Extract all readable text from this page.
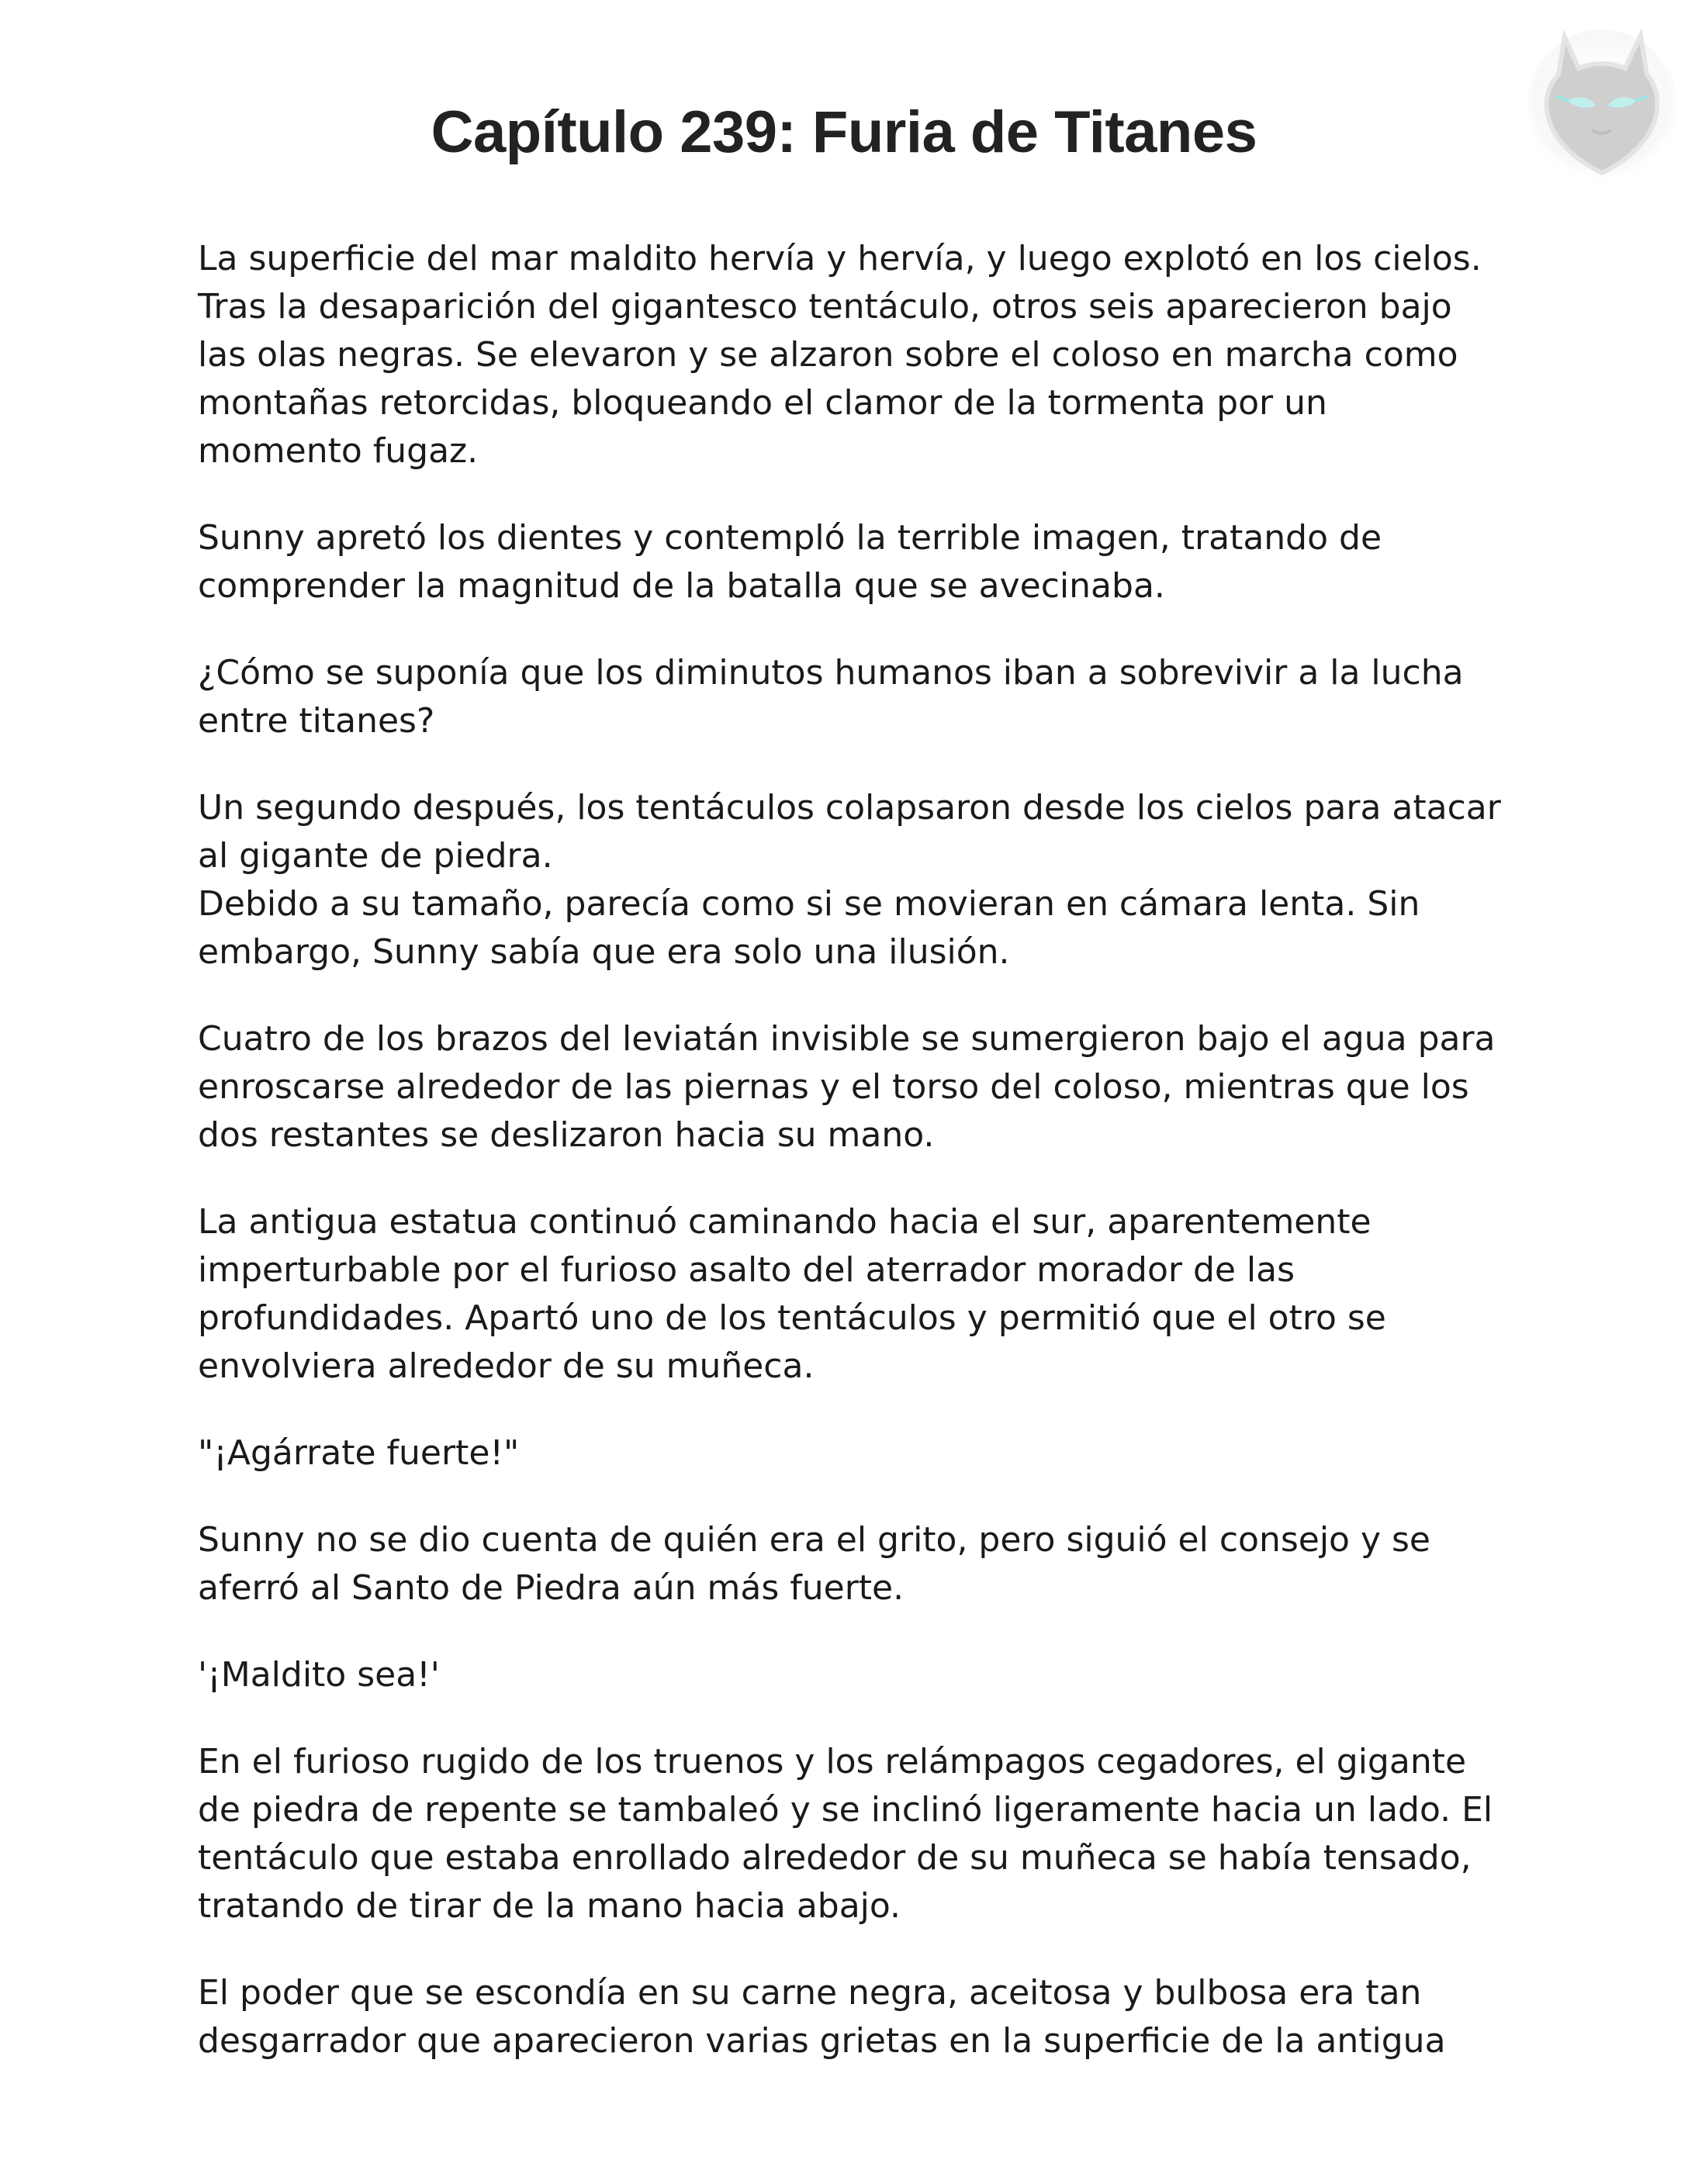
Capítulo 239: Furia de Titanes

La superficie del mar maldito hervía y hervía, y luego explotó en los cielos. Tras la desaparición del gigantesco tentáculo, otros seis aparecieron bajo las olas negras. Se elevaron y se alzaron sobre el coloso en marcha como montañas retorcidas, bloqueando el clamor de la tormenta por un momento fugaz.

Sunny apretó los dientes y contempló la terrible imagen, tratando de comprender la magnitud de la batalla que se avecinaba.

¿Cómo se suponía que los diminutos humanos iban a sobrevivir a la lucha entre titanes?

Un segundo después, los tentáculos colapsaron desde los cielos para atacar al gigante de piedra.

Debido a su tamaño, parecía como si se movieran en cámara lenta. Sin embargo, Sunny sabía que era solo una ilusión.

Cuatro de los brazos del leviatán invisible se sumergieron bajo el agua para enroscarse alrededor de las piernas y el torso del coloso, mientras que los dos restantes se deslizaron hacia su mano.

La antigua estatua continuó caminando hacia el sur, aparentemente imperturbable por el furioso asalto del aterrador morador de las profundidades. Apartó uno de los tentáculos y permitió que el otro se envolviera alrededor de su muñeca.

"¡Agárrate fuerte!"

Sunny no se dio cuenta de quién era el grito, pero siguió el consejo y se aferró al Santo de Piedra aún más fuerte.

'¡Maldito sea!'

En el furioso rugido de los truenos y los relámpagos cegadores, el gigante de piedra de repente se tambaleó y se inclinó ligeramente hacia un lado. El tentáculo que estaba enrollado alrededor de su muñeca se había tensado, tratando de tirar de la mano hacia abajo.

El poder que se escondía en su carne negra, aceitosa y bulbosa era tan desgarrador que aparecieron varias grietas en la superficie de la antigua
